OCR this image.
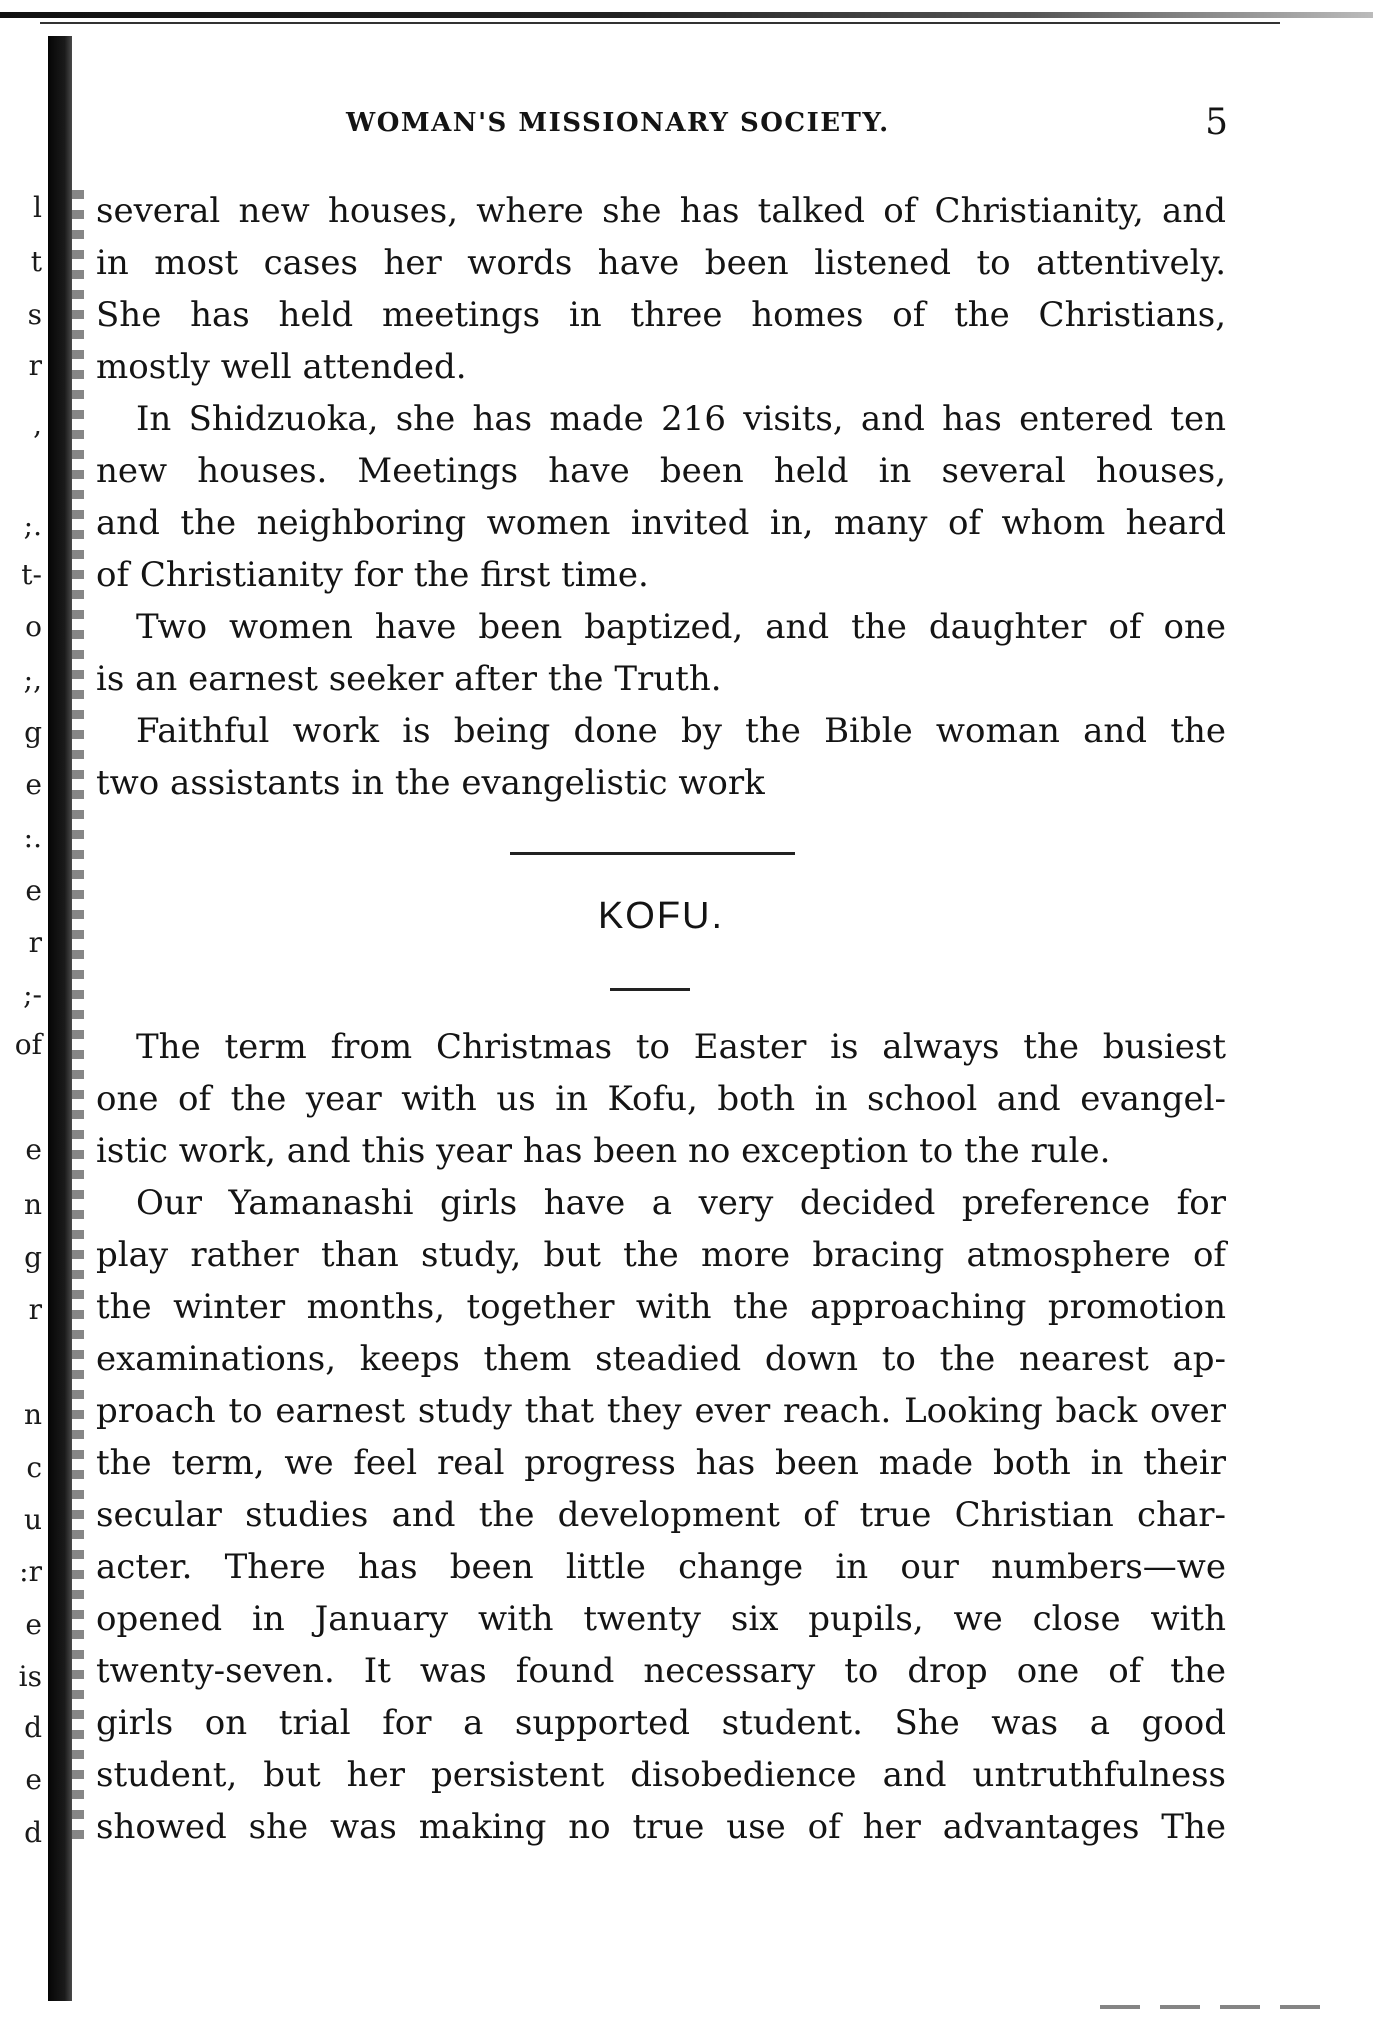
l
t
s
r
,
;.
t-
o
;,
g
e
:.
e
r
;-
of
e
n
g
r
n
c
u
:r
e
is
d
e
d
WOMAN'S MISSIONARY SOCIETY.	5
several new houses, where she has talked of Christianity, and
in most cases her words have been listened to attentively.
She has held meetings in three homes of the Christians,
mostly well attended.
In Shidzuoka, she has made 216 visits, and has entered ten
new houses. Meetings have been held in several houses,
and the neighboring women invited in, many of whom heard
of Christianity for the first time.
Two women have been baptized, and the daughter of one
is an earnest seeker after the Truth.
Faithful work is being done by the Bible woman and the
two assistants in the evangelistic work
KOFU.
The term from Christmas to Easter is always the busiest
one of the year with us in Kofu, both in school and evangel-
istic work, and this year has been no exception to the rule.
Our Yamanashi girls have a very decided preference for
play rather than study, but the more bracing atmosphere of
the winter months, together with the approaching promotion
examinations, keeps them steadied down to the nearest ap-
proach to earnest study that they ever reach. Looking back over
the term, we feel real progress has been made both in their
secular studies and the development of true Christian char-
acter. There has been little change in our numbers—we
opened in January with twenty six pupils, we close with
twenty-seven. It was found necessary to drop one of the
girls on trial for a supported student. She was a good
student, but her persistent disobedience and untruthfulness
showed she was making no true use of her advantages The
